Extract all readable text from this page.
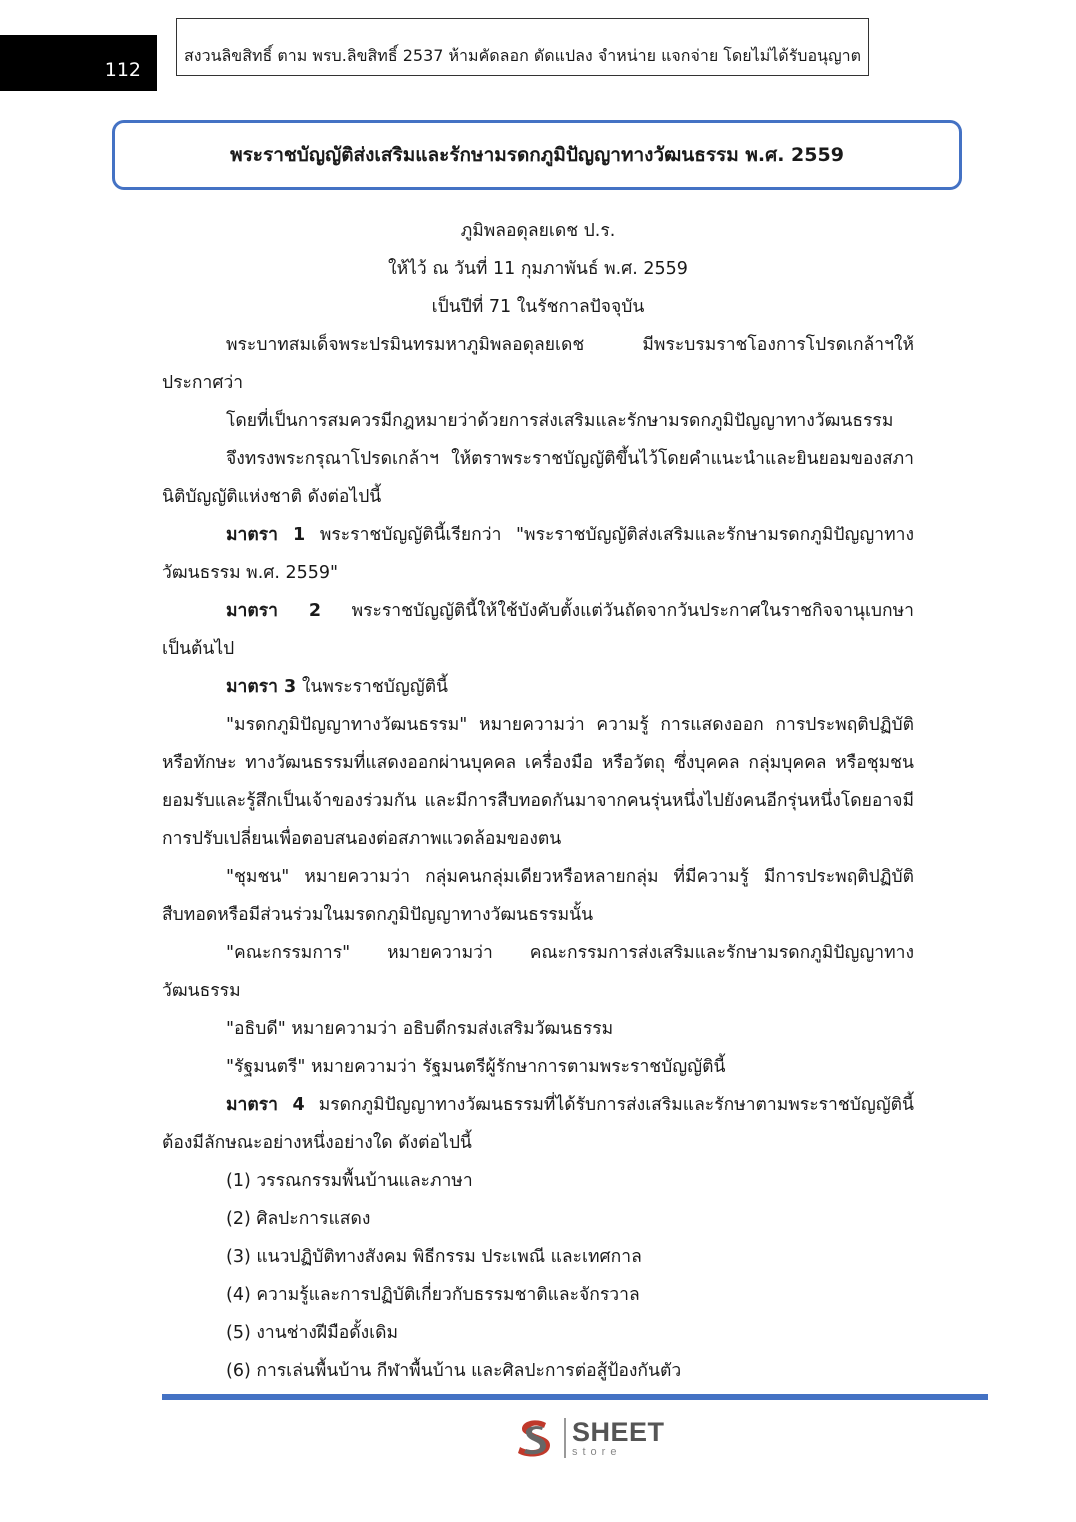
112
สงวนลิขสิทธิ์ ตาม พรบ.ลิขสิทธิ์ 2537 ห้ามคัดลอก ดัดแปลง จำหน่าย แจกจ่าย โดยไม่ได้รับอนุญาต
พระราชบัญญัติส่งเสริมและรักษามรดกภูมิปัญญาทางวัฒนธรรม พ.ศ. 2559

ภูมิพลอดุลยเดช ป.ร.

ให้ไว้ ณ วันที่ 11 กุมภาพันธ์ พ.ศ. 2559

เป็นปีที่ 71 ในรัชกาลปัจจุบัน

พระบาทสมเด็จพระปรมินทรมหาภูมิพลอดุลยเดช มีพระบรมราชโองการโปรดเกล้าฯให้ประกาศว่า

โดยที่เป็นการสมควรมีกฎหมายว่าด้วยการส่งเสริมและรักษามรดกภูมิปัญญาทางวัฒนธรรม

จึงทรงพระกรุณาโปรดเกล้าฯ ให้ตราพระราชบัญญัติขึ้นไว้โดยคำแนะนำและยินยอมของสภานิติบัญญัติแห่งชาติ ดังต่อไปนี้

มาตรา 1 พระราชบัญญัตินี้เรียกว่า "พระราชบัญญัติส่งเสริมและรักษามรดกภูมิปัญญาทางวัฒนธรรม พ.ศ. 2559"

มาตรา 2 พระราชบัญญัตินี้ให้ใช้บังคับตั้งแต่วันถัดจากวันประกาศในราชกิจจานุเบกษาเป็นต้นไป

มาตรา 3 ในพระราชบัญญัตินี้

"มรดกภูมิปัญญาทางวัฒนธรรม" หมายความว่า ความรู้ การแสดงออก การประพฤติปฏิบัติ หรือทักษะ ทางวัฒนธรรมที่แสดงออกผ่านบุคคล เครื่องมือ หรือวัตถุ ซึ่งบุคคล กลุ่มบุคคล หรือชุมชน ยอมรับและรู้สึกเป็นเจ้าของร่วมกัน และมีการสืบทอดกันมาจากคนรุ่นหนึ่งไปยังคนอีกรุ่นหนึ่งโดยอาจมีการปรับเปลี่ยนเพื่อตอบสนองต่อสภาพแวดล้อมของตน

"ชุมชน" หมายความว่า กลุ่มคนกลุ่มเดียวหรือหลายกลุ่ม ที่มีความรู้ มีการประพฤติปฏิบัติ สืบทอดหรือมีส่วนร่วมในมรดกภูมิปัญญาทางวัฒนธรรมนั้น

"คณะกรรมการ" หมายความว่า คณะกรรมการส่งเสริมและรักษามรดกภูมิปัญญาทางวัฒนธรรม

"อธิบดี" หมายความว่า อธิบดีกรมส่งเสริมวัฒนธรรม

"รัฐมนตรี" หมายความว่า รัฐมนตรีผู้รักษาการตามพระราชบัญญัตินี้

มาตรา 4 มรดกภูมิปัญญาทางวัฒนธรรมที่ได้รับการส่งเสริมและรักษาตามพระราชบัญญัตินี้ต้องมีลักษณะอย่างหนึ่งอย่างใด ดังต่อไปนี้

(1) วรรณกรรมพื้นบ้านและภาษา

(2) ศิลปะการแสดง

(3) แนวปฏิบัติทางสังคม พิธีกรรม ประเพณี และเทศกาล

(4) ความรู้และการปฏิบัติเกี่ยวกับธรรมชาติและจักรวาล

(5) งานช่างฝีมือดั้งเดิม

(6) การเล่นพื้นบ้าน กีฬาพื้นบ้าน และศิลปะการต่อสู้ป้องกันตัว

SHEET
store
